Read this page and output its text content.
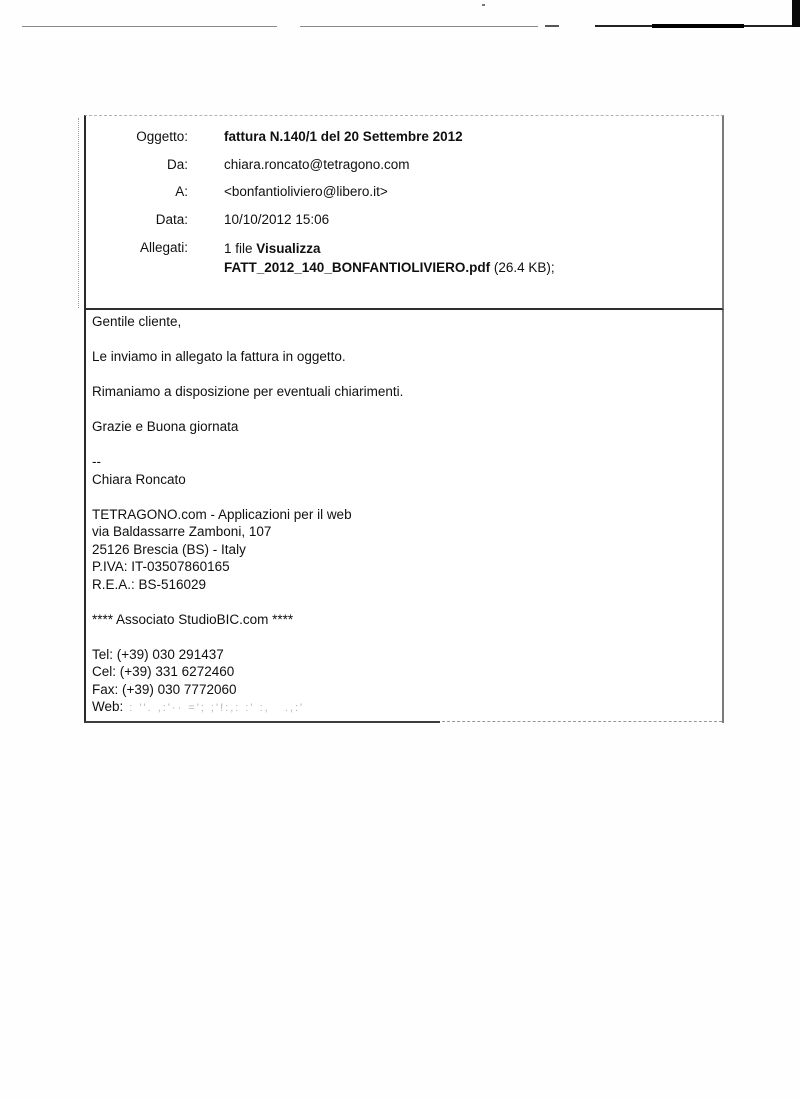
Oggetto:	fattura N.140/1 del 20 Settembre 2012
Da:	chiara.roncato@tetragono.com
A:	<bonfantioliviero@libero.it>
Data:	10/10/2012 15:06
Allegati:	1 file Visualizza
FATT_2012_140_BONFANTIOLIVIERO.pdf (26.4 KB);
Gentile cliente,
Le inviamo in allegato la fattura in oggetto.
Rimaniamo a disposizione per eventuali chiarimenti.
Grazie e Buona giornata
--
Chiara Roncato
TETRAGONO.com - Applicazioni per il web
via Baldassarre Zamboni, 107
25126 Brescia (BS) - Italy
P.IVA: IT-03507860165
R.E.A.: BS-516029
**** Associato StudioBIC.com ****
Tel: (+39) 030 291437
Cel: (+39) 331 6272460
Fax: (+39) 030 7772060
Web: : ''. ,:'·· ='; ;'!:,: :' :,   .,:'
